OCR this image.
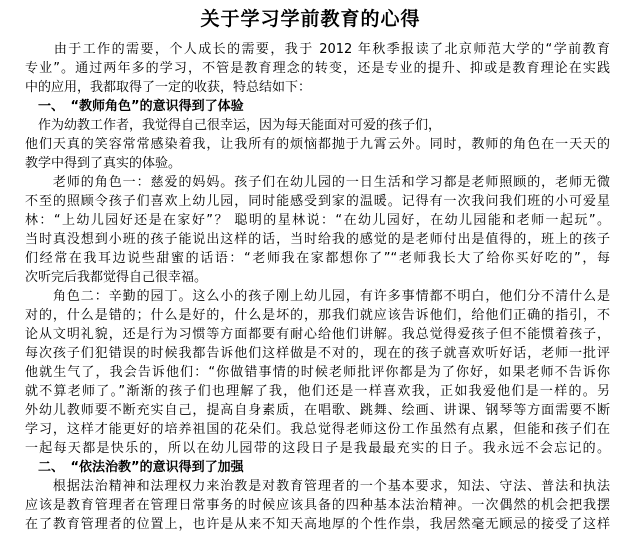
关于学习学前教育的心得
　　由于工作的需要，个人成长的需要，我于 2012 年秋季报读了北京师范大学的“学前教育
专业”。通过两年多的学习，不管是教育理念的转变，还是专业的提升、抑或是教育理论在实践
中的应用，我都取得了一定的收获，特总结如下：
　一、　“教师角色”的意识得到了体验
　作为幼教工作者，我觉得自己很幸运，因为每天能面对可爱的孩子们，
他们天真的笑容常常感染着我，让我所有的烦恼都抛于九霄云外。同时，教师的角色在一天天的
教学中得到了真实的体验。
　　老师的角色一：慈爱的妈妈。孩子们在幼儿园的一日生活和学习都是老师照顾的，老师无微
不至的照顾令孩子们喜欢上幼儿园，同时能感受到家的温暖。记得有一次我问我们班的小可爱星
林：“上幼儿园好还是在家好”？ 聪明的星林说：“在幼儿园好，在幼儿园能和老师一起玩”。
当时真没想到小班的孩子能说出这样的话，当时给我的感觉的是老师付出是值得的，班上的孩子
们经常在我耳边说些甜蜜的话语：“老师我在家都想你了”“老师我长大了给你买好吃的”，每
次听完后我都觉得自己很幸福。
　　角色二：辛勤的园丁。这么小的孩子刚上幼儿园，有许多事情都不明白，他们分不清什么是
对的，什么是错的；什么是好的，什么是坏的，那我们就应该告诉他们，给他们正确的指引，不
论从文明礼貌，还是行为习惯等方面都要有耐心给他们讲解。我总觉得爱孩子但不能惯着孩子，
每次孩子们犯错误的时候我都告诉他们这样做是不对的，现在的孩子就喜欢听好话，老师一批评
他就生气了，我会告诉他们：“你做错事情的时候老师批评你都是为了你好，如果老师不告诉你
就不算老师了。”渐渐的孩子们也理解了我，他们还是一样喜欢我，正如我爱他们是一样的。另
外幼儿教师要不断充实自己，提高自身素质，在唱歌、跳舞、绘画、讲课、钢琴等方面需要不断
学习，这样才能更好的培养祖国的花朵们。我总觉得老师这份工作虽然有点累，但能和孩子们在
一起每天都是快乐的，所以在幼儿园带的这段日子是我最最充实的日子。我永远不会忘记的。
　二、　“依法治教”的意识得到了加强
　　根据法治精神和法理权力来治教是对教育管理者的一个基本要求，知法、守法、普法和执法
应该是教育管理者在管理日常事务的时候应该具备的四种基本法治精神。一次偶然的机会把我摆
在了教育管理者的位置上，也许是从来不知天高地厚的个性作祟，我居然毫无顾忌的接受了这样
